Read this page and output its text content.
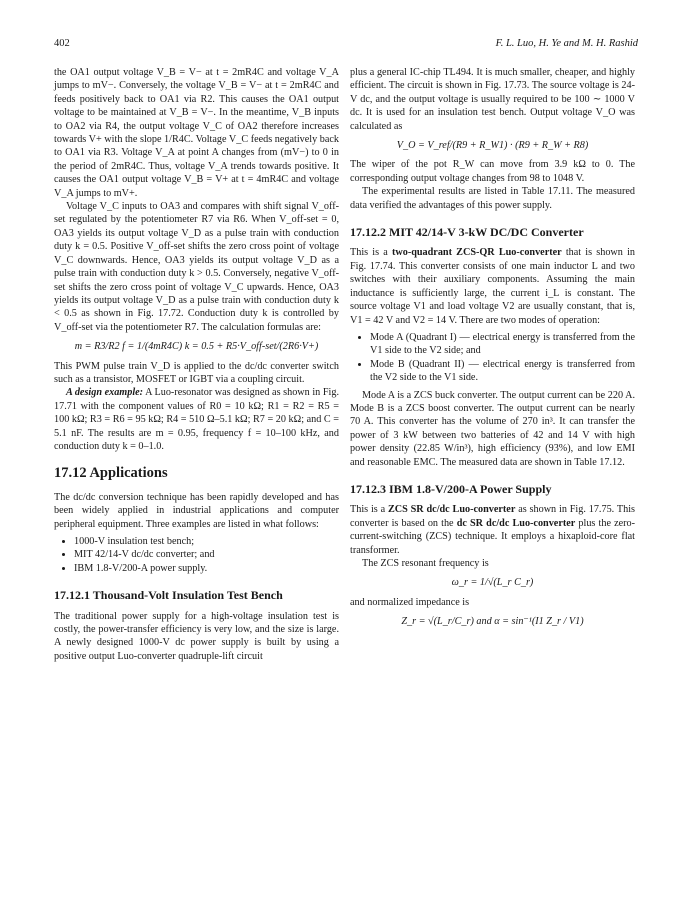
402	F. L. Luo, H. Ye and M. H. Rashid

the OA1 output voltage V_B = V− at t = 2mR4C and voltage V_A jumps to mV−. Conversely, the voltage V_B = V− at t = 2mR4C and feeds positively back to OA1 via R2. This causes the OA1 output voltage to be maintained at V_B = V−. In the meantime, V_B inputs to OA2 via R4, the output voltage V_C of OA2 therefore increases towards V+ with the slope 1/R4C. Voltage V_C feeds negatively back to OA1 via R3. Voltage V_A at point A changes from (mV−) to 0 in the period of 2mR4C. Thus, voltage V_A trends towards positive. It causes the OA1 output voltage V_B = V+ at t = 4mR4C and voltage V_A jumps to mV+.

Voltage V_C inputs to OA3 and compares with shift signal V_off-set regulated by the potentiometer R7 via R6. When V_off-set = 0, OA3 yields its output voltage V_D as a pulse train with conduction duty k = 0.5. Positive V_off-set shifts the zero cross point of voltage V_C downwards. Hence, OA3 yields its output voltage V_D as a pulse train with conduction duty k > 0.5. Conversely, negative V_off-set shifts the zero cross point of voltage V_C upwards. Hence, OA3 yields its output voltage V_D as a pulse train with conduction duty k < 0.5 as shown in Fig. 17.72. Conduction duty k is controlled by V_off-set via the potentiometer R7. The calculation formulas are:

m = R3/R2 f = 1/(4mR4C) k = 0.5 + R5·V_off-set/(2R6·V+)

This PWM pulse train V_D is applied to the dc/dc converter switch such as a transistor, MOSFET or IGBT via a coupling circuit.

A design example: A Luo-resonator was designed as shown in Fig. 17.71 with the component values of R0 = 10 kΩ; R1 = R2 = R5 = 100 kΩ; R3 = R6 = 95 kΩ; R4 = 510 Ω–5.1 kΩ; R7 = 20 kΩ; and C = 5.1 nF. The results are m = 0.95, frequency f = 10–100 kHz, and conduction duty k = 0–1.0.

17.12 Applications

The dc/dc conversion technique has been rapidly developed and has been widely applied in industrial applications and computer peripheral equipment. Three examples are listed in what follows:

• 1000-V insulation test bench;
• MIT 42/14-V dc/dc converter; and
• IBM 1.8-V/200-A power supply.
17.12.1 Thousand-Volt Insulation Test Bench

The traditional power supply for a high-voltage insulation test is costly, the power-transfer efficiency is very low, and the size is large. A newly designed 1000-V dc power supply is built by using a positive output Luo-converter quadruple-lift circuit

plus a general IC-chip TL494. It is much smaller, cheaper, and highly efficient. The circuit is shown in Fig. 17.73. The source voltage is 24-V dc, and the output voltage is usually required to be 100 ∼ 1000 V dc. It is used for an insulation test bench. Output voltage V_O was calculated as

V_O = V_ref/(R9 + R_W1) · (R9 + R_W + R8)

The wiper of the pot R_W can move from 3.9 kΩ to 0. The corresponding output voltage changes from 98 to 1048 V.

The experimental results are listed in Table 17.11. The measured data verified the advantages of this power supply.

17.12.2 MIT 42/14-V 3-kW DC/DC Converter

This is a two-quadrant ZCS-QR Luo-converter that is shown in Fig. 17.74. This converter consists of one main inductor L and two switches with their auxiliary components. Assuming the main inductance is sufficiently large, the current i_L is constant. The source voltage V1 and load voltage V2 are usually constant, that is, V1 = 42 V and V2 = 14 V. There are two modes of operation:

• Mode A (Quadrant I) — electrical energy is transferred from the V1 side to the V2 side; and
• Mode B (Quadrant II) — electrical energy is transferred from the V2 side to the V1 side.

Mode A is a ZCS buck converter. The output current can be 220 A. Mode B is a ZCS boost converter. The output current can be nearly 70 A. This converter has the volume of 270 in³. It can transfer the power of 3 kW between two batteries of 42 and 14 V with high power density (22.85 W/in³), high efficiency (93%), and low EMI and reasonable EMC. The measured data are shown in Table 17.12.

17.12.3 IBM 1.8-V/200-A Power Supply

This is a ZCS SR dc/dc Luo-converter as shown in Fig. 17.75. This converter is based on the dc SR dc/dc Luo-converter plus the zero-current-switching (ZCS) technique. It employs a hixaploid-core flat transformer.

The ZCS resonant frequency is

ω_r = 1/√(L_r C_r)

and normalized impedance is

Z_r = √(L_r/C_r) and α = sin⁻¹(I1 Z_r / V1)
